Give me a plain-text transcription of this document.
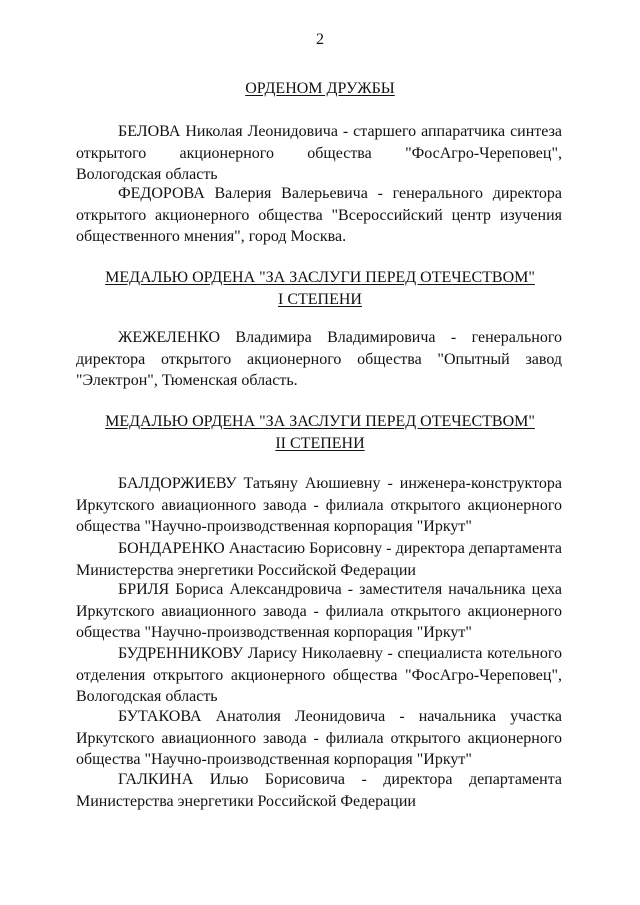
2
ОРДЕНОМ ДРУЖБЫ
БЕЛОВА Николая Леонидовича - старшего аппаратчика синтеза открытого акционерного общества "ФосАгро-Череповец", Вологодская область
ФЕДОРОВА Валерия Валерьевича - генерального директора открытого акционерного общества "Всероссийский центр изучения общественного мнения", город Москва.
МЕДАЛЬЮ ОРДЕНА "ЗА ЗАСЛУГИ ПЕРЕД ОТЕЧЕСТВОМ"
I СТЕПЕНИ
ЖЕЖЕЛЕНКО Владимира Владимировича - генерального директора открытого акционерного общества "Опытный завод "Электрон", Тюменская область.
МЕДАЛЬЮ ОРДЕНА "ЗА ЗАСЛУГИ ПЕРЕД ОТЕЧЕСТВОМ"
II СТЕПЕНИ
БАЛДОРЖИЕВУ Татьяну Аюшиевну - инженера-конструктора Иркутского авиационного завода - филиала открытого акционерного общества "Научно-производственная корпорация "Иркут"
БОНДАРЕНКО Анастасию Борисовну - директора департамента Министерства энергетики Российской Федерации
БРИЛЯ Бориса Александровича - заместителя начальника цеха Иркутского авиационного завода - филиала открытого акционерного общества "Научно-производственная корпорация "Иркут"
БУДРЕННИКОВУ Ларису Николаевну - специалиста котельного отделения открытого акционерного общества "ФосАгро-Череповец", Вологодская область
БУТАКОВА Анатолия Леонидовича - начальника участка Иркутского авиационного завода - филиала открытого акционерного общества "Научно-производственная корпорация "Иркут"
ГАЛКИНА Илью Борисовича - директора департамента Министерства энергетики Российской Федерации
